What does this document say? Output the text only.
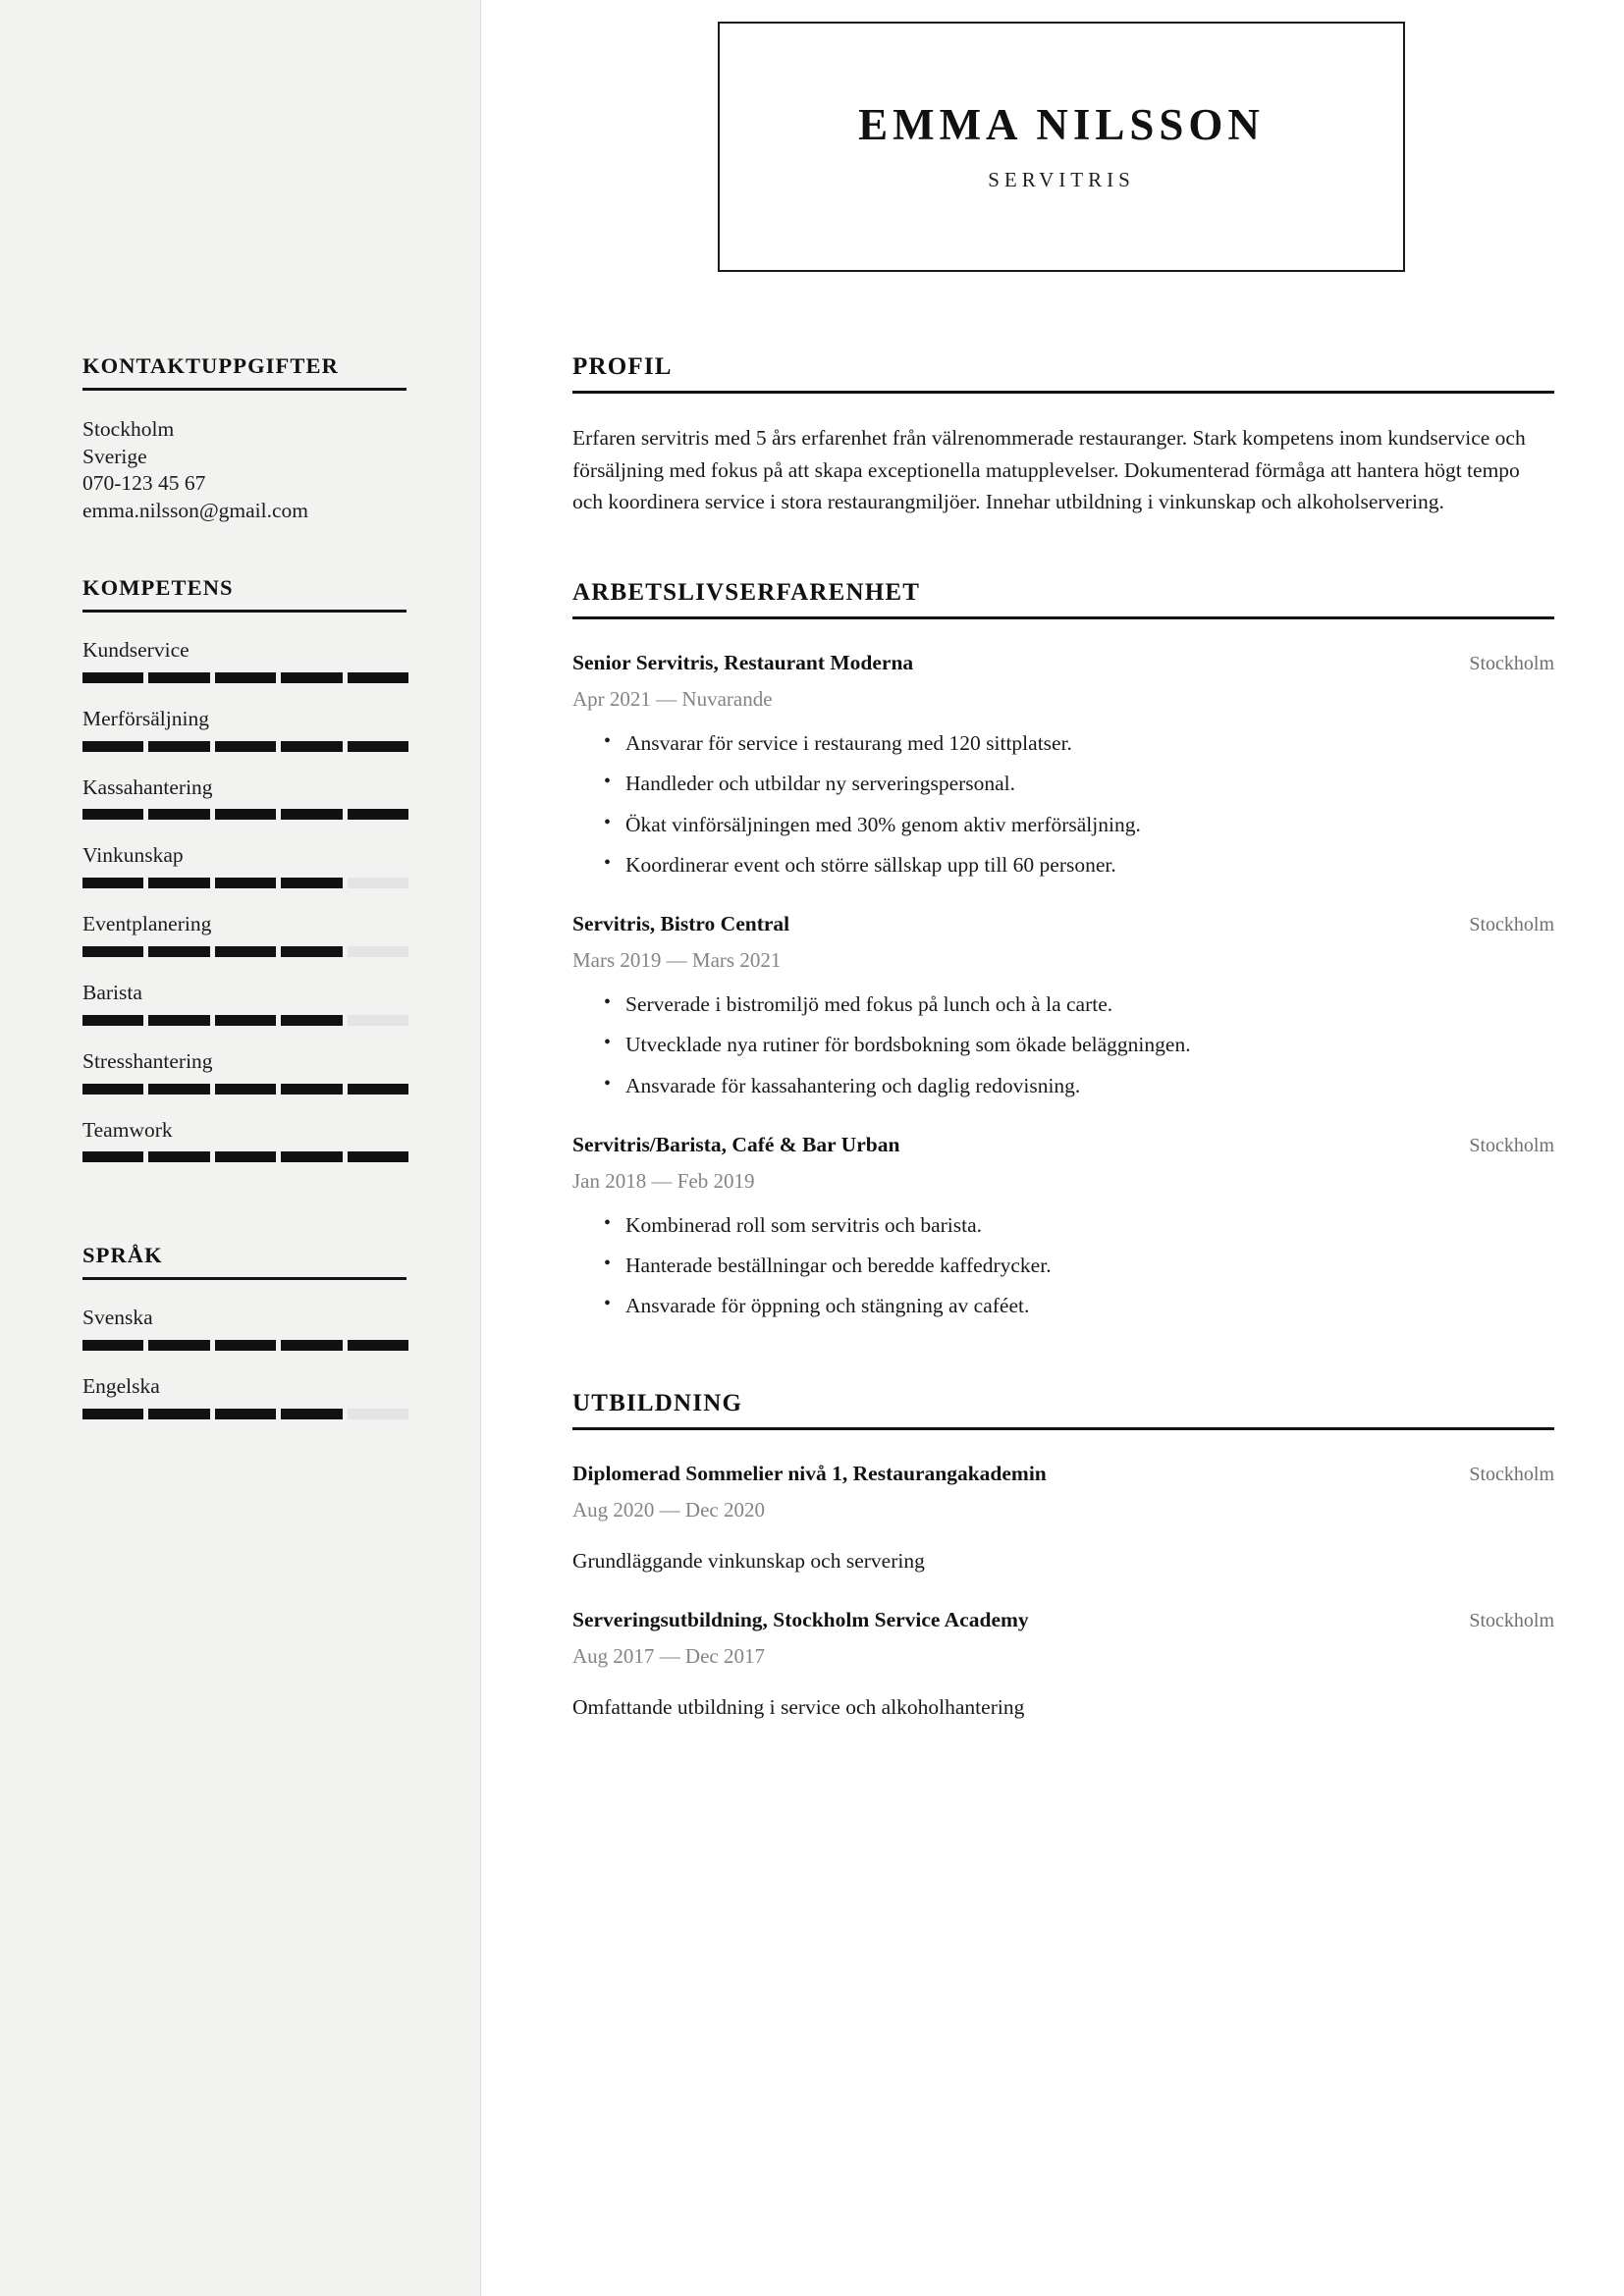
EMMA NILSSON
SERVITRIS
KONTAKTUPPGIFTER
Stockholm
Sverige
070-123 45 67
emma.nilsson@gmail.com
KOMPETENS
Kundservice
Merförsäljning
Kassahantering
Vinkunskap
Eventplanering
Barista
Stresshantering
Teamwork
SPRÅK
Svenska
Engelska
PROFIL
Erfaren servitris med 5 års erfarenhet från välrenommerade restauranger. Stark kompetens inom kundservice och försäljning med fokus på att skapa exceptionella matupplevelser. Dokumenterad förmåga att hantera högt tempo och koordinera service i stora restaurangmiljöer. Innehar utbildning i vinkunskap och alkoholservering.
ARBETSLIVSERFARENHET
Senior Servitris, Restaurant Moderna	Stockholm
Apr 2021 — Nuvarande
• Ansvarar för service i restaurang med 120 sittplatser.
• Handleder och utbildar ny serveringspersonal.
• Ökat vinförsäljningen med 30% genom aktiv merförsäljning.
• Koordinerar event och större sällskap upp till 60 personer.
Servitris, Bistro Central	Stockholm
Mars 2019 — Mars 2021
• Serverade i bistromiljö med fokus på lunch och à la carte.
• Utvecklade nya rutiner för bordsbokning som ökade beläggningen.
• Ansvarade för kassahantering och daglig redovisning.
Servitris/Barista, Café & Bar Urban	Stockholm
Jan 2018 — Feb 2019
• Kombinerad roll som servitris och barista.
• Hanterade beställningar och beredde kaffedrycker.
• Ansvarade för öppning och stängning av caféet.
UTBILDNING
Diplomerad Sommelier nivå 1, Restaurangakademin	Stockholm
Aug 2020 — Dec 2020
Grundläggande vinkunskap och servering
Serveringsutbildning, Stockholm Service Academy	Stockholm
Aug 2017 — Dec 2017
Omfattande utbildning i service och alkoholhantering
